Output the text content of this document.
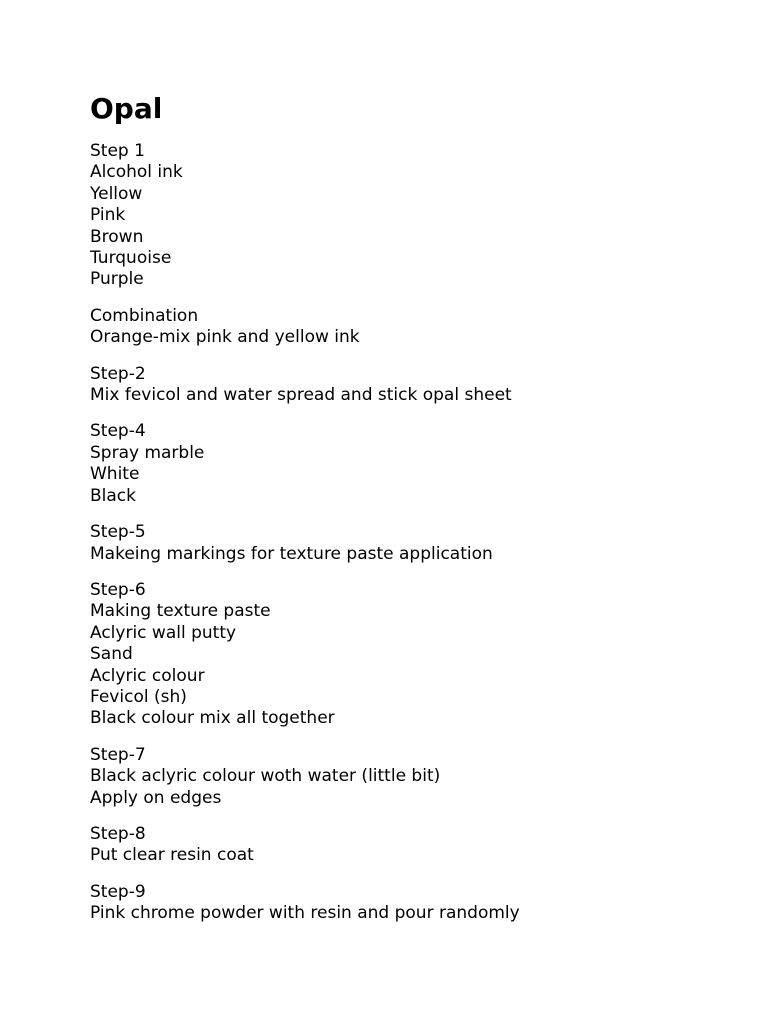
Opal
Step 1
Alcohol ink
Yellow
Pink
Brown
Turquoise
Purple
Combination
Orange-mix pink and yellow ink
Step-2
Mix fevicol and water spread and stick opal sheet
Step-4
Spray marble
White
Black
Step-5
Makeing markings for texture paste application
Step-6
Making texture paste
Aclyric wall putty
Sand
Aclyric colour
Fevicol (sh)
Black colour mix all together
Step-7
Black aclyric colour woth water (little bit)
Apply on edges
Step-8
Put clear resin coat
Step-9
Pink chrome powder with resin and pour randomly
